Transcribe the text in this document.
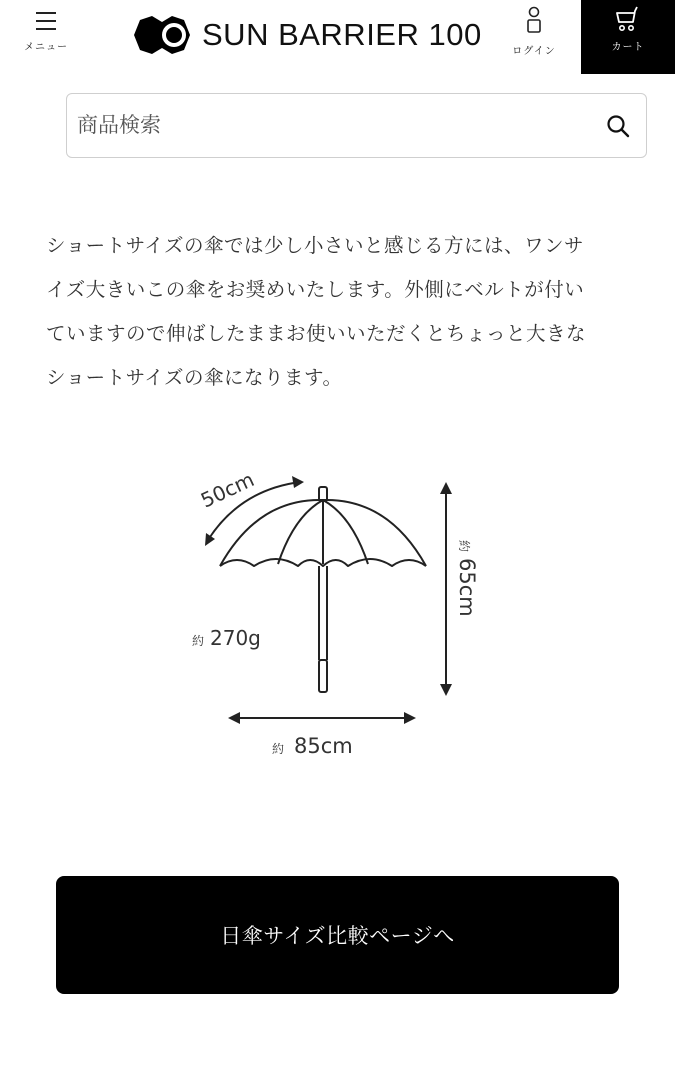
メニュー	SUN BARRIER 100	ログイン	カート
商品検索
ショートサイズの傘では少し小さいと感じる方には、ワンサ
イズ大きいこの傘をお奨めいたします。外側にベルトが付い
ていますので伸ばしたままお使いいただくとちょっと大きな
ショートサイズの傘になります。
50cm
約
65cm
約 270g
約 85cm
日傘サイズ比較ページへ
